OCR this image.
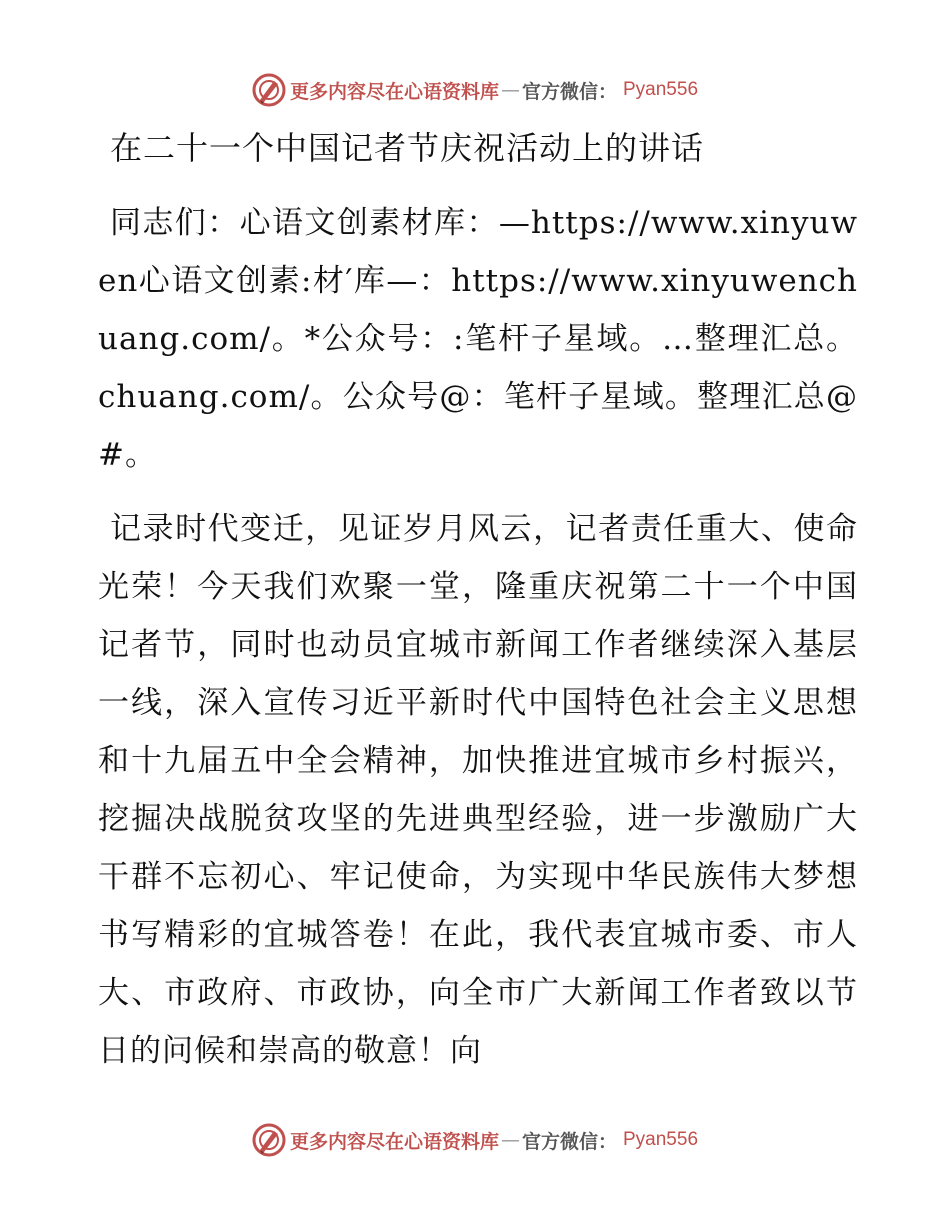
更多内容尽在心语资料库 — 官方微信： Pyan556
在二十一个中国记者节庆祝活动上的讲话

同志们：心语文创素材库：—https://www.xinyuwen心语文创素:材′库—：https://www.xinyuwenchuang.com/。*公众号：:笔杆子星域。…整理汇总。chuang.com/。公众号@：笔杆子星域。整理汇总@#。

记录时代变迁，见证岁月风云，记者责任重大、使命光荣！今天我们欢聚一堂，隆重庆祝第二十一个中国记者节，同时也动员宜城市新闻工作者继续深入基层一线，深入宣传习近平新时代中国特色社会主义思想和十九届五中全会精神，加快推进宜城市乡村振兴，挖掘决战脱贫攻坚的先进典型经验，进一步激励广大干群不忘初心、牢记使命，为实现中华民族伟大梦想书写精彩的宜城答卷！在此，我代表宜城市委、市人大、市政府、市政协，向全市广大新闻工作者致以节日的问候和崇高的敬意！向

更多内容尽在心语资料库 — 官方微信： Pyan556
